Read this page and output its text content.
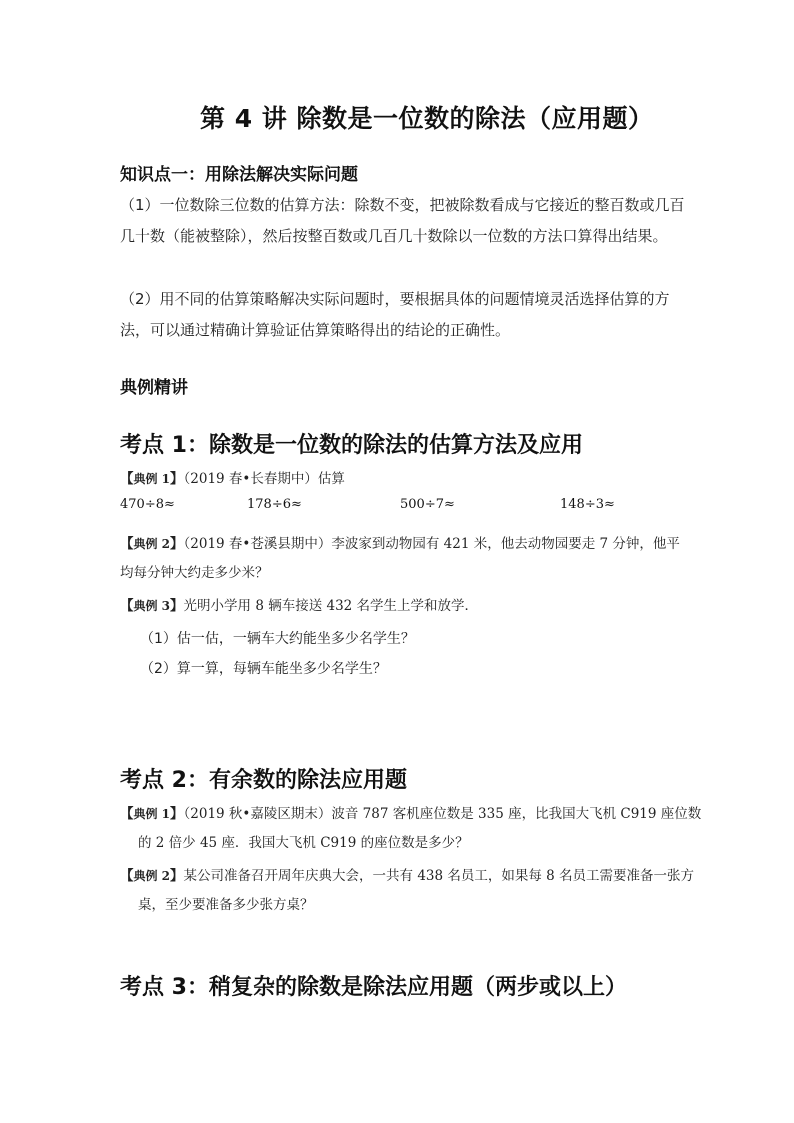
第 4 讲 除数是一位数的除法（应用题）
知识点一：用除法解决实际问题
（1）一位数除三位数的估算方法：除数不变，把被除数看成与它接近的整百数或几百几十数（能被整除），然后按整百数或几百几十数除以一位数的方法口算得出结果。
（2）用不同的估算策略解决实际问题时，要根据具体的问题情境灵活选择估算的方法，可以通过精确计算验证估算策略得出的结论的正确性。
典例精讲
考点 1：除数是一位数的除法的估算方法及应用
【典例 1】（2019 春•长春期中）估算
470÷8≈	178÷6≈	500÷7≈	148÷3≈
【典例 2】（2019 春•苍溪县期中）李波家到动物园有 421 米，他去动物园要走 7 分钟，他平均每分钟大约走多少米？
【典例 3】光明小学用 8 辆车接送 432 名学生上学和放学．
（1）估一估，一辆车大约能坐多少名学生？
（2）算一算，每辆车能坐多少名学生？
考点 2：有余数的除法应用题
【典例 1】（2019 秋•嘉陵区期末）波音 787 客机座位数是 335 座，比我国大飞机 C919 座位数的 2 倍少 45 座．我国大飞机 C919 的座位数是多少？
【典例 2】某公司准备召开周年庆典大会，一共有 438 名员工，如果每 8 名员工需要准备一张方桌，至少要准备多少张方桌？
考点 3：稍复杂的除数是除法应用题（两步或以上）
